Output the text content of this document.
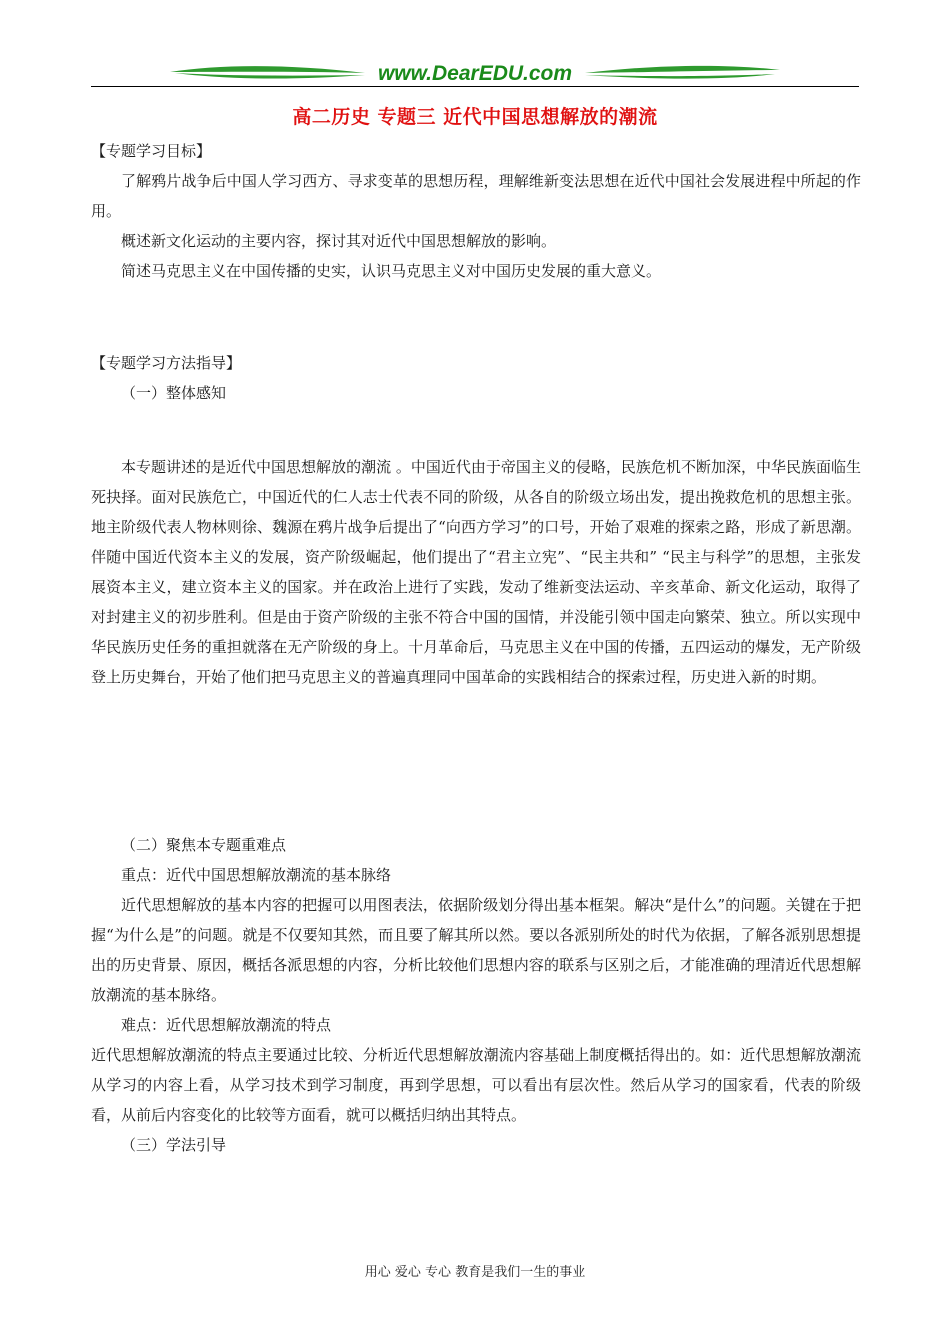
www.DearEDU.com
高二历史 专题三 近代中国思想解放的潮流

【专题学习目标】

了解鸦片战争后中国人学习西方、寻求变革的思想历程，理解维新变法思想在近代中国社会发展进程中所起的作用。

概述新文化运动的主要内容，探讨其对近代中国思想解放的影响。

简述马克思主义在中国传播的史实，认识马克思主义对中国历史发展的重大意义。

【专题学习方法指导】

（一）整体感知

本专题讲述的是近代中国思想解放的潮流 。中国近代由于帝国主义的侵略，民族危机不断加深，中华民族面临生死抉择。面对民族危亡，中国近代的仁人志士代表不同的阶级，从各自的阶级立场出发，提出挽救危机的思想主张。地主阶级代表人物林则徐、魏源在鸦片战争后提出了“向西方学习”的口号，开始了艰难的探索之路，形成了新思潮。伴随中国近代资本主义的发展，资产阶级崛起，他们提出了“君主立宪”、“民主共和” “民主与科学”的思想，主张发展资本主义，建立资本主义的国家。并在政治上进行了实践，发动了维新变法运动、辛亥革命、新文化运动，取得了对封建主义的初步胜利。但是由于资产阶级的主张不符合中国的国情，并没能引领中国走向繁荣、独立。所以实现中华民族历史任务的重担就落在无产阶级的身上。十月革命后，马克思主义在中国的传播，五四运动的爆发，无产阶级登上历史舞台，开始了他们把马克思主义的普遍真理同中国革命的实践相结合的探索过程，历史进入新的时期。

（二）聚焦本专题重难点

重点：近代中国思想解放潮流的基本脉络

近代思想解放的基本内容的把握可以用图表法，依据阶级划分得出基本框架。解决“是什么”的问题。关键在于把握“为什么是”的问题。就是不仅要知其然，而且要了解其所以然。要以各派别所处的时代为依据，了解各派别思想提出的历史背景、原因，概括各派思想的内容，分析比较他们思想内容的联系与区别之后，才能准确的理清近代思想解放潮流的基本脉络。

难点：近代思想解放潮流的特点

近代思想解放潮流的特点主要通过比较、分析近代思想解放潮流内容基础上制度概括得出的。如：近代思想解放潮流从学习的内容上看，从学习技术到学习制度，再到学思想，可以看出有层次性。然后从学习的国家看，代表的阶级看，从前后内容变化的比较等方面看，就可以概括归纳出其特点。

（三）学法引导

用心 爱心 专心 教育是我们一生的事业
